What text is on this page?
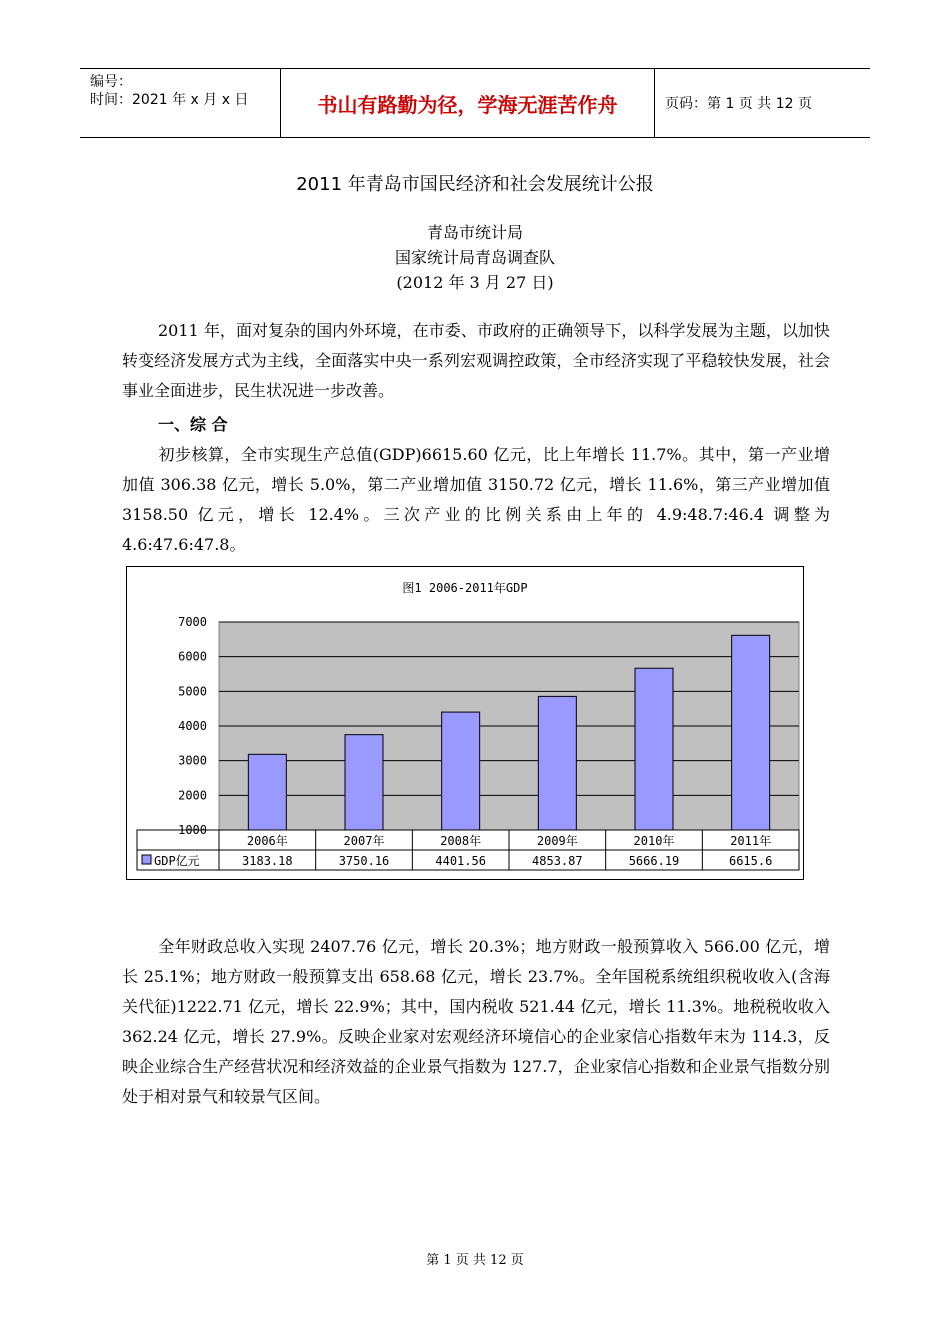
编号：
时间：2021 年 x 月 x 日	书山有路勤为径，学海无涯苦作舟	页码：第 1 页 共 12 页
2011 年青岛市国民经济和社会发展统计公报
青岛市统计局
国家统计局青岛调查队
(2012 年 3 月 27 日)
2011 年，面对复杂的国内外环境，在市委、市政府的正确领导下，以科学发展为主题，以加快转变经济发展方式为主线，全面落实中央一系列宏观调控政策，全市经济实现了平稳较快发展，社会事业全面进步，民生状况进一步改善。
一、综 合
初步核算，全市实现生产总值(GDP)6615.60 亿元，比上年增长 11.7%。其中，第一产业增加值 306.38 亿元，增长 5.0%，第二产业增加值 3150.72 亿元，增长 11.6%，第三产业增加值 3158.50 亿元，增长 12.4%。三次产业的比例关系由上年的 4.9:48.7:46.4 调整为 4.6:47.6:47.8。
图1 2006-2011年GDP
1000
2000
3000
4000
5000
6000
7000
2006年	2007年	2008年	2009年	2010年	2011年
3183.18	3750.16	4401.56	4853.87	5666.19	6615.6
GDP亿元
全年财政总收入实现 2407.76 亿元，增长 20.3%；地方财政一般预算收入 566.00 亿元，增长 25.1%；地方财政一般预算支出 658.68 亿元，增长 23.7%。全年国税系统组织税收收入(含海关代征)1222.71 亿元，增长 22.9%；其中，国内税收 521.44 亿元，增长 11.3%。地税税收收入 362.24 亿元，增长 27.9%。反映企业家对宏观经济环境信心的企业家信心指数年末为 114.3，反映企业综合生产经营状况和经济效益的企业景气指数为 127.7，企业家信心指数和企业景气指数分别处于相对景气和较景气区间。
第 1 页 共 12 页
